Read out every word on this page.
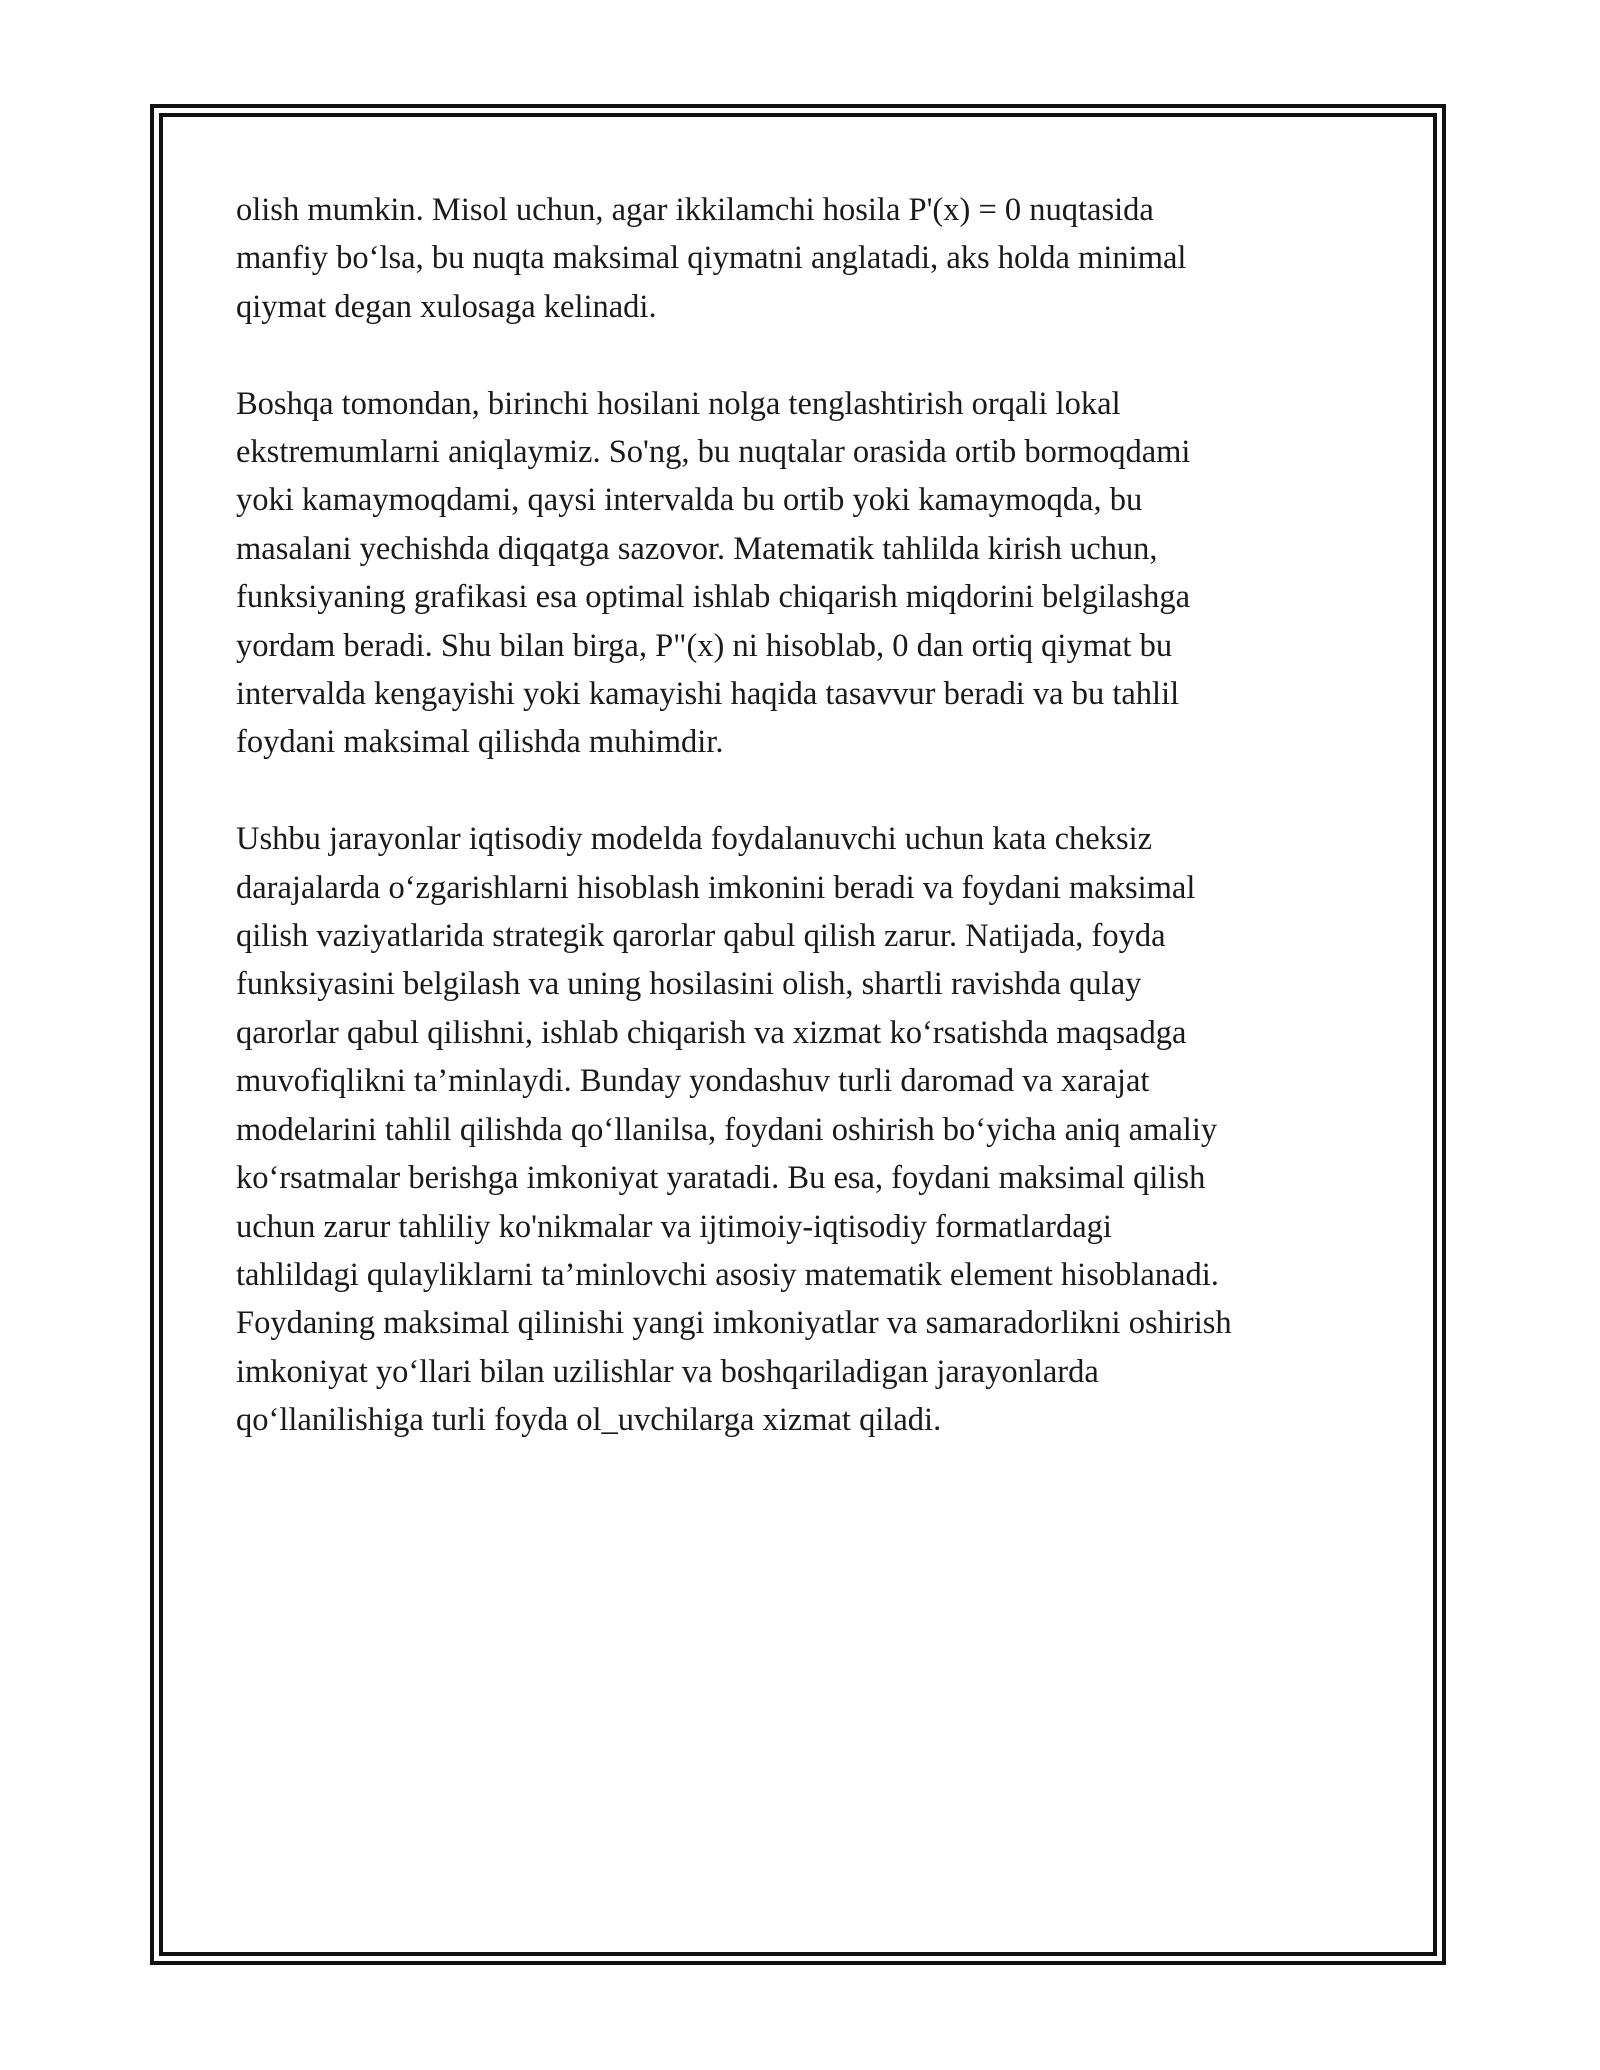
olish mumkin. Misol uchun, agar ikkilamchi hosila P'(x) = 0 nuqtasida
manfiy bo‘lsa, bu nuqta maksimal qiymatni anglatadi, aks holda minimal
qiymat degan xulosaga kelinadi.

Boshqa tomondan, birinchi hosilani nolga tenglashtirish orqali lokal
ekstremumlarni aniqlaymiz. So'ng, bu nuqtalar orasida ortib bormoqdami
yoki kamaymoqdami, qaysi intervalda bu ortib yoki kamaymoqda, bu
masalani yechishda diqqatga sazovor. Matematik tahlilda kirish uchun,
funksiyaning grafikasi esa optimal ishlab chiqarish miqdorini belgilashga
yordam beradi. Shu bilan birga, P"(x) ni hisoblab, 0 dan ortiq qiymat bu
intervalda kengayishi yoki kamayishi haqida tasavvur beradi va bu tahlil
foydani maksimal qilishda muhimdir.

Ushbu jarayonlar iqtisodiy modelda foydalanuvchi uchun kata cheksiz
darajalarda o‘zgarishlarni hisoblash imkonini beradi va foydani maksimal
qilish vaziyatlarida strategik qarorlar qabul qilish zarur. Natijada, foyda
funksiyasini belgilash va uning hosilasini olish, shartli ravishda qulay
qarorlar qabul qilishni, ishlab chiqarish va xizmat ko‘rsatishda maqsadga
muvofiqlikni ta’minlaydi. Bunday yondashuv turli daromad va xarajat
modelarini tahlil qilishda qo‘llanilsa, foydani oshirish bo‘yicha aniq amaliy
ko‘rsatmalar berishga imkoniyat yaratadi. Bu esa, foydani maksimal qilish
uchun zarur tahliliy ko'nikmalar va ijtimoiy-iqtisodiy formatlardagi
tahlildagi qulayliklarni ta’minlovchi asosiy matematik element hisoblanadi.
Foydaning maksimal qilinishi yangi imkoniyatlar va samaradorlikni oshirish
imkoniyat yo‘llari bilan uzilishlar va boshqariladigan jarayonlarda
qo‘llanilishiga turli foyda ol_uvchilarga xizmat qiladi.
